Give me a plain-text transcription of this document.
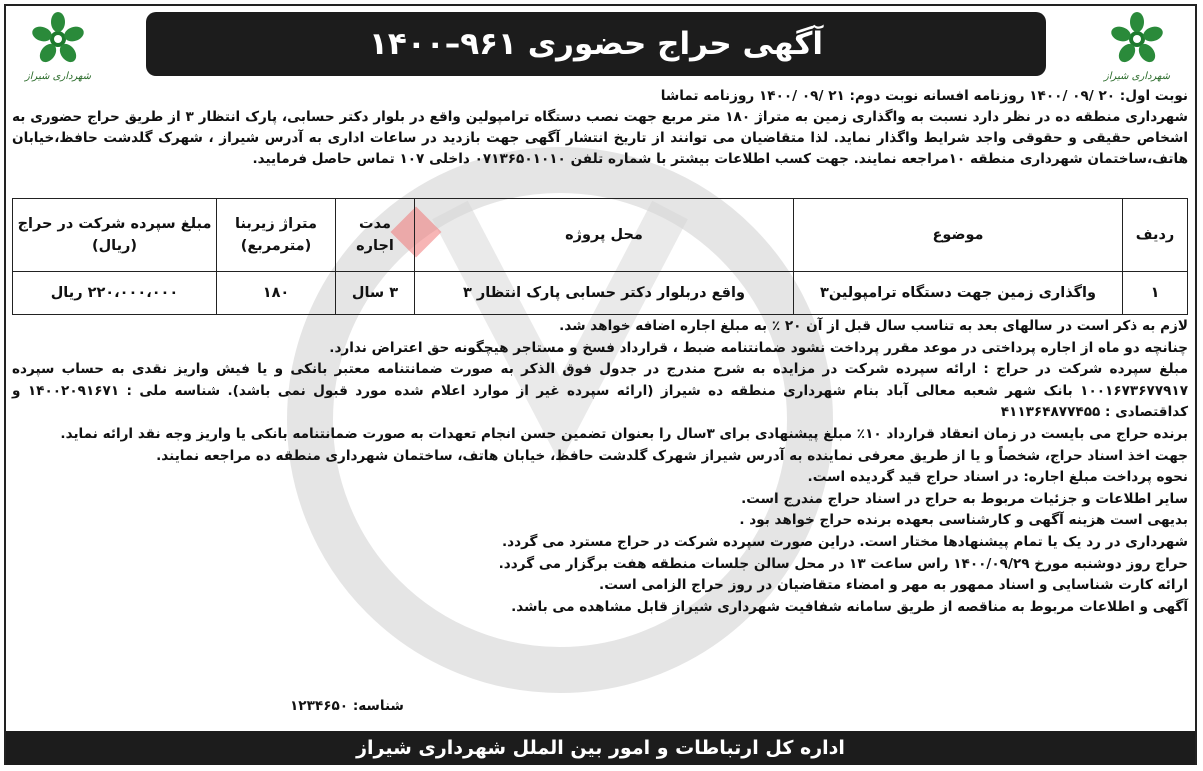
شهرداری شیراز
آگهی حراج حضوری ۹۶۱–۱۴۰۰
شهرداری شیراز

نوبت اول: ۲۰ /۰۹ /۱۴۰۰ روزنامه افسانه نوبت دوم: ۲۱ /۰۹ /۱۴۰۰ روزنامه تماشا

شهرداری منطقه ده در نظر دارد نسبت به واگذاری زمین به متراژ ۱۸۰ متر مربع جهت نصب دستگاه ترامپولین واقع در بلوار دکتر حسابی، پارک انتظار ۳ از طریق حراج حضوری به اشخاص حقیقی و حقوقی واجد شرایط واگذار نماید. لذا متقاضیان می توانند از تاریخ انتشار آگهی جهت بازدید در ساعات اداری به آدرس شیراز ، شهرک گلدشت حافظ،خیابان هاتف،ساختمان شهرداری منطقه ۱۰مراجعه نمایند. جهت کسب اطلاعات بیشتر با شماره تلفن ۰۷۱۳۶۵۰۱۰۱۰ داخلی ۱۰۷ تماس حاصل فرمایید.

ردیف	موضوع	محل پروژه	مدت اجاره	متراژ زیربنا (مترمربع)	مبلغ سپرده شرکت در حراج (ریال)
۱	واگذاری زمین جهت دستگاه ترامپولین۳	واقع دربلوار دکتر حسابی پارک انتظار ۳	۳ سال	۱۸۰	۲۲۰،۰۰۰،۰۰۰ ریال

لازم به ذکر است در سالهای بعد به تناسب سال قبل از آن ۲۰ ٪ به مبلغ اجاره اضافه خواهد شد.

چنانچه دو ماه از اجاره پرداختی در موعد مقرر پرداخت نشود ضمانتنامه ضبط ، قرارداد فسخ و مستاجر هیچگونه حق اعتراض ندارد.

مبلغ سپرده شرکت در حراج : ارائه سپرده شرکت در مزایده به شرح مندرج در جدول فوق الذکر به صورت ضمانتنامه معتبر بانکی و یا فیش واریز نقدی به حساب سپرده ۱۰۰۱۶۷۳۶۷۷۹۱۷ بانک شهر شعبه معالی آباد بنام شهرداری منطقه ده شیراز (ارائه سپرده غیر از موارد اعلام شده مورد قبول نمی باشد). شناسه ملی : ۱۴۰۰۲۰۹۱۶۷۱ و کداقتصادی : ۴۱۱۳۶۴۸۷۷۴۵۵

برنده حراج می بایست در زمان انعقاد قرارداد ۱۰٪ مبلغ پیشنهادی برای ۳سال را بعنوان تضمین حسن انجام تعهدات به صورت ضمانتنامه بانکی یا واریز وجه نقد ارائه نماید.

جهت اخذ اسناد حراج، شخصاً و یا از طریق معرفی نماینده به آدرس شیراز شهرک گلدشت حافظ، خیابان هاتف، ساختمان شهرداری منطقه ده مراجعه نمایند.

نحوه پرداخت مبلغ اجاره: در اسناد حراج قید گردیده است.

سایر اطلاعات و جزئیات مربوط به حراج در اسناد حراج مندرج است.

بدیهی است هزینه آگهی و کارشناسی بعهده برنده حراج خواهد بود .

شهرداری در رد یک یا تمام پیشنهادها مختار است. دراین صورت سپرده شرکت در حراج مسترد می گردد.

حراج روز دوشنبه مورخ ۱۴۰۰/۰۹/۲۹ راس ساعت ۱۳ در محل سالن جلسات منطقه هفت برگزار می گردد.

ارائه کارت شناسایی و اسناد ممهور به مهر و امضاء متقاضیان در روز حراج الزامی است.

آگهی و اطلاعات مربوط به مناقصه از طریق سامانه شفافیت شهرداری شیراز قابل مشاهده می باشد.

شناسه: ۱۲۳۴۶۵۰
اداره کل ارتباطات و امور بین الملل شهرداری شیراز
